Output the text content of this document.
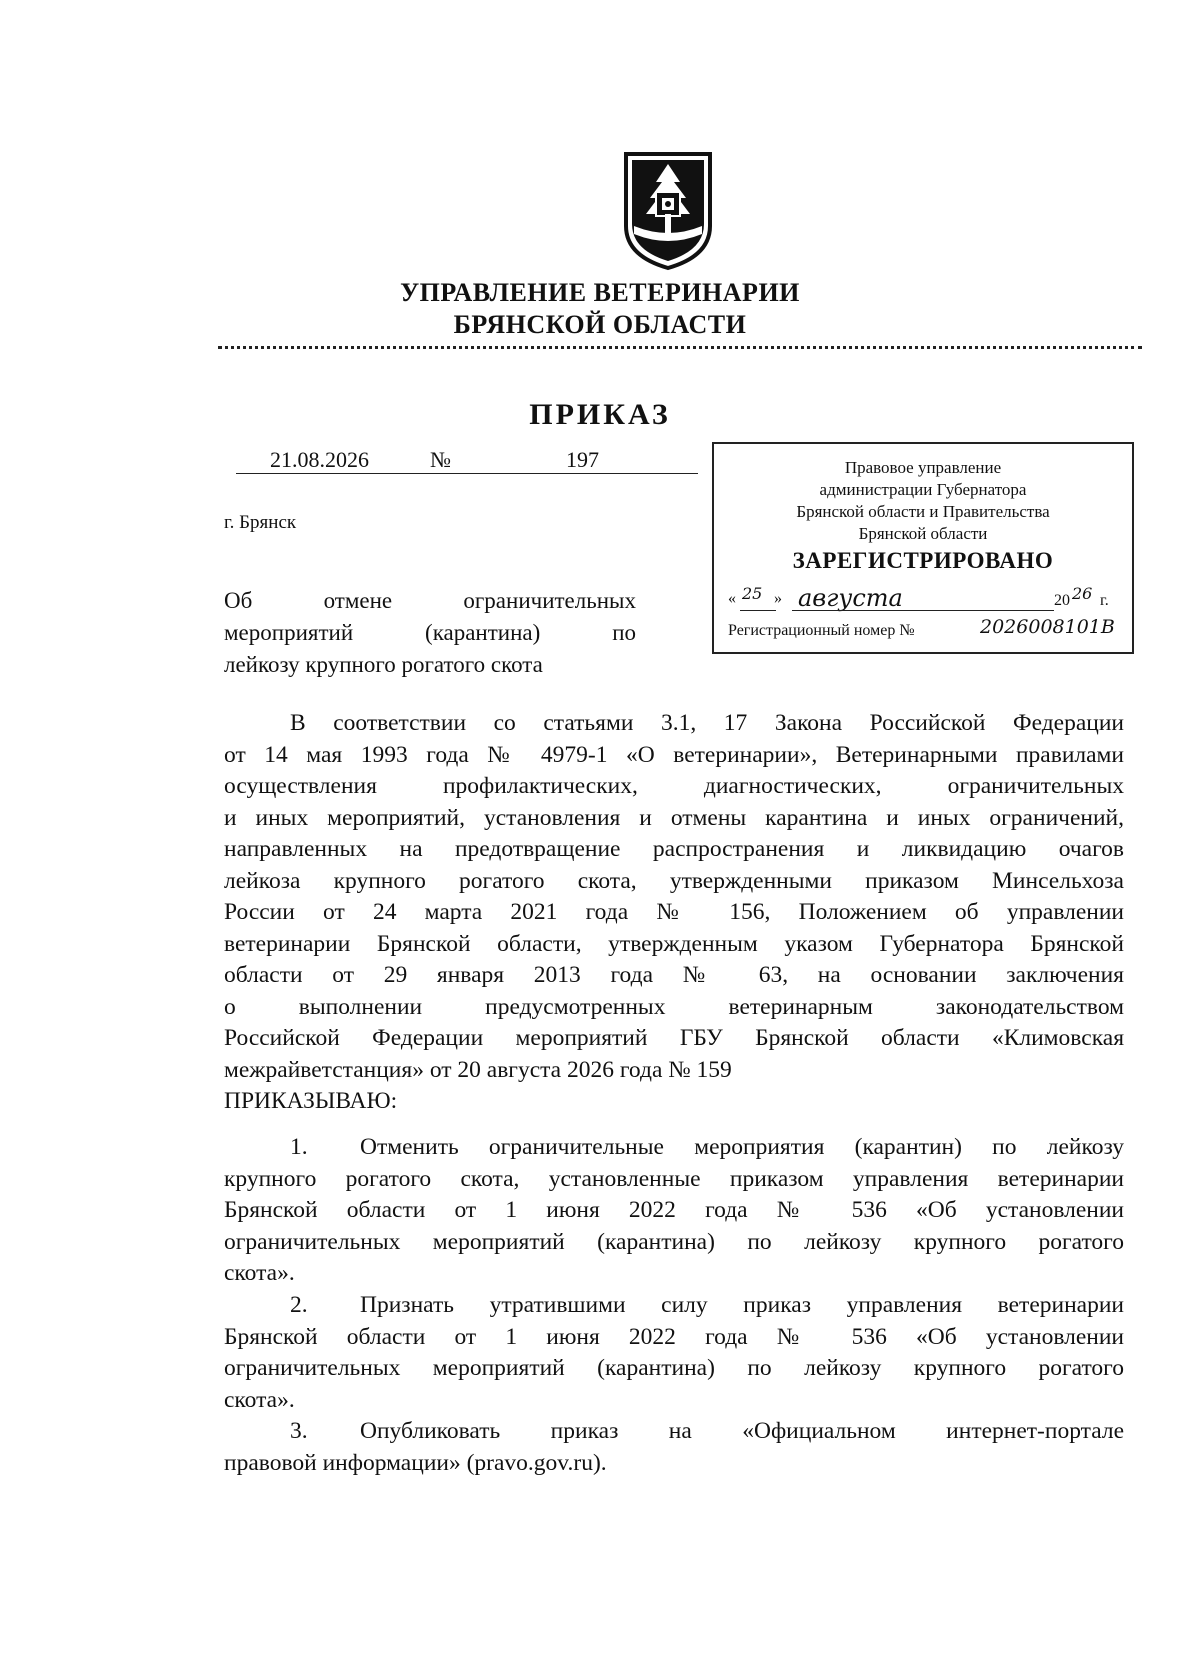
УПРАВЛЕНИЕ ВЕТЕРИНАРИИ
БРЯНСКОЙ ОБЛАСТИ
ПРИКАЗ
21.08.2026	№	197
г. Брянск
Об отмене ограничительных
мероприятий (карантина) по
лейкозу крупного рогатого скота
Правовое управление
администрации Губернатора
Брянской области и Правительства
Брянской области
ЗАРЕГИСТРИРОВАНО
« 25 » августа	20 26 г.
Регистрационный номер №	2026008101В
В соответствии со статьями 3.1, 17 Закона Российской Федерации
от 14 мая 1993 года № 4979-1 «О ветеринарии», Ветеринарными правилами
осуществления профилактических, диагностических, ограничительных
и иных мероприятий, установления и отмены карантина и иных ограничений,
направленных на предотвращение распространения и ликвидацию очагов
лейкоза крупного рогатого скота, утвержденными приказом Минсельхоза
России от 24 марта 2021 года № 156, Положением об управлении
ветеринарии Брянской области, утвержденным указом Губернатора Брянской
области от 29 января 2013 года № 63, на основании заключения
о выполнении предусмотренных ветеринарным законодательством
Российской Федерации мероприятий ГБУ Брянской области «Климовская
межрайветстанция» от 20 августа 2026 года № 159
ПРИКАЗЫВАЮ:
1. Отменить ограничительные мероприятия (карантин) по лейкозу
крупного рогатого скота, установленные приказом управления ветеринарии
Брянской области от 1 июня 2022 года № 536 «Об установлении
ограничительных мероприятий (карантина) по лейкозу крупного рогатого
скота».
2. Признать утратившими силу приказ управления ветеринарии
Брянской области от 1 июня 2022 года № 536 «Об установлении
ограничительных мероприятий (карантина) по лейкозу крупного рогатого
скота».
3. Опубликовать приказ на «Официальном интернет-портале
правовой информации» (pravo.gov.ru).
